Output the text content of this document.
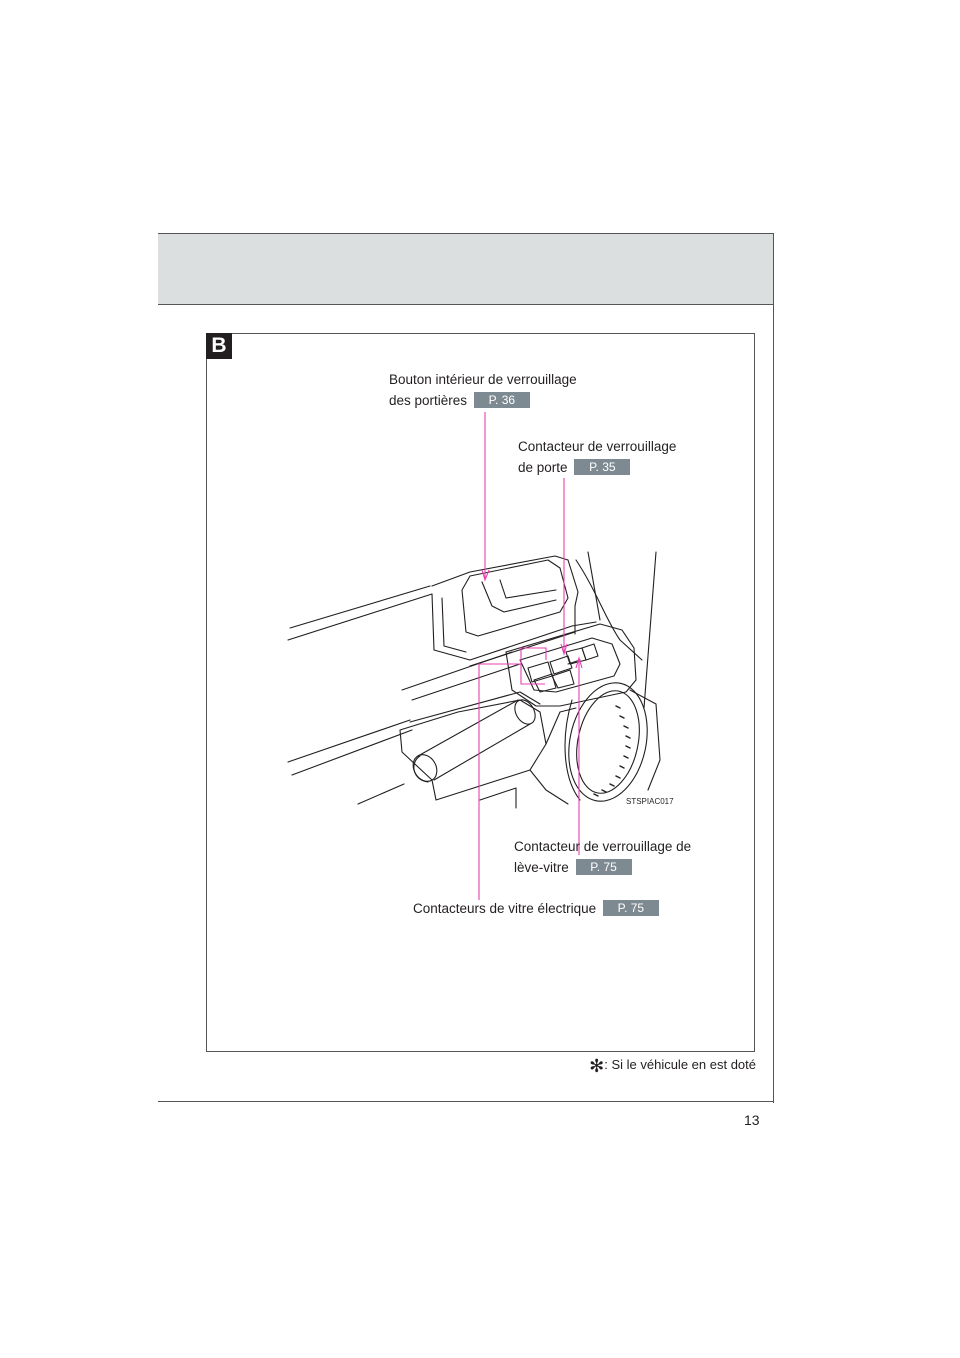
B
STSPIAC017
Bouton intérieur de verrouillage
des portières P. 36
Contacteur de verrouillage
de porte P. 35
Contacteur de verrouillage de
lève-vitre P. 75
Contacteurs de vitre électrique P. 75
✻: Si le véhicule en est doté
13
